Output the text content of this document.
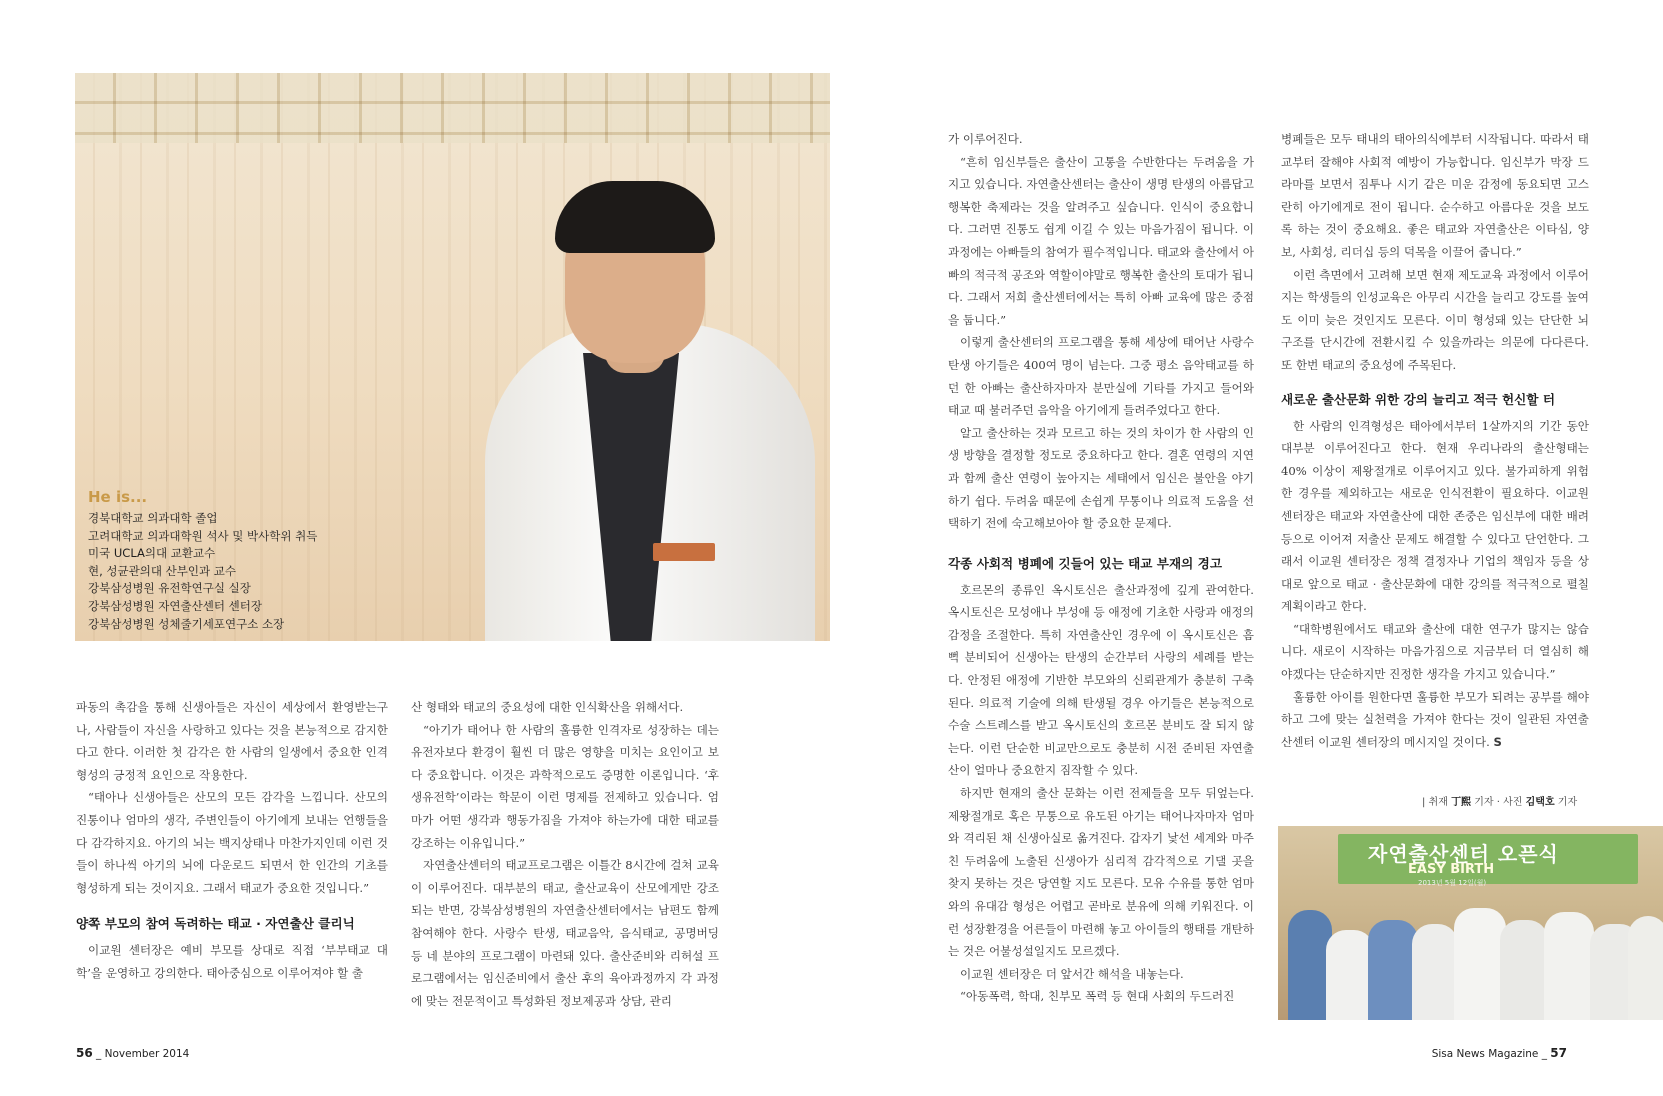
He is...
경북대학교 의과대학 졸업
고려대학교 의과대학원 석사 및 박사학위 취득
미국 UCLA의대 교환교수
현, 성균관의대 산부인과 교수
강북삼성병원 유전학연구실 실장
강북삼성병원 자연출산센터 센터장
강북삼성병원 성체줄기세포연구소 소장

파동의 촉감을 통해 신생아들은 자신이 세상에서 환영받는구나, 사람들이 자신을 사랑하고 있다는 것을 본능적으로 감지한다고 한다. 이러한 첫 감각은 한 사람의 일생에서 중요한 인격형성의 긍정적 요인으로 작용한다.

“태아나 신생아들은 산모의 모든 감각을 느낍니다. 산모의 진통이나 엄마의 생각, 주변인들이 아기에게 보내는 언행들을 다 감각하지요. 아기의 뇌는 백지상태나 마찬가지인데 이런 것들이 하나씩 아기의 뇌에 다운로드 되면서 한 인간의 기초를 형성하게 되는 것이지요. 그래서 태교가 중요한 것입니다.”

양쪽 부모의 참여 독려하는 태교 · 자연출산 클리닉

이교원 센터장은 예비 부모를 상대로 직접 ‘부부태교 대학’을 운영하고 강의한다. 태아중심으로 이루어져야 할 출

산 형태와 태교의 중요성에 대한 인식확산을 위해서다.

“아기가 태어나 한 사람의 훌륭한 인격자로 성장하는 데는 유전자보다 환경이 훨씬 더 많은 영향을 미치는 요인이고 보다 중요합니다. 이것은 과학적으로도 증명한 이론입니다. ‘후생유전학’이라는 학문이 이런 명제를 전제하고 있습니다. 엄마가 어떤 생각과 행동가짐을 가져야 하는가에 대한 태교를 강조하는 이유입니다.”

자연출산센터의 태교프로그램은 이틀간 8시간에 걸쳐 교육이 이루어진다. 대부분의 태교, 출산교육이 산모에게만 강조되는 반면, 강북삼성병원의 자연출산센터에서는 남편도 함께 참여해야 한다. 사랑수 탄생, 태교음악, 음식태교, 공명버딩 등 네 분야의 프로그램이 마련돼 있다. 출산준비와 리허설 프로그램에서는 임신준비에서 출산 후의 육아과정까지 각 과정에 맞는 전문적이고 특성화된 정보제공과 상담, 관리

56 _ November 2014

가 이루어진다.

“흔히 임신부들은 출산이 고통을 수반한다는 두려움을 가지고 있습니다. 자연출산센터는 출산이 생명 탄생의 아름답고 행복한 축제라는 것을 알려주고 싶습니다. 인식이 중요합니다. 그러면 진통도 쉽게 이길 수 있는 마음가짐이 됩니다. 이 과정에는 아빠들의 참여가 필수적입니다. 태교와 출산에서 아빠의 적극적 공조와 역할이야말로 행복한 출산의 토대가 됩니다. 그래서 저희 출산센터에서는 특히 아빠 교육에 많은 중점을 둡니다.”

이렇게 출산센터의 프로그램을 통해 세상에 태어난 사랑수 탄생 아기들은 400여 명이 넘는다. 그중 평소 음악태교를 하던 한 아빠는 출산하자마자 분만실에 기타를 가지고 들어와 태교 때 불러주던 음악을 아기에게 들려주었다고 한다.

알고 출산하는 것과 모르고 하는 것의 차이가 한 사람의 인생 방향을 결정할 정도로 중요하다고 한다. 결혼 연령의 지연과 함께 출산 연령이 높아지는 세태에서 임신은 불안을 야기하기 쉽다. 두려움 때문에 손쉽게 무통이나 의료적 도움을 선택하기 전에 숙고해보아야 할 중요한 문제다.

각종 사회적 병폐에 깃들어 있는 태교 부재의 경고

호르몬의 종류인 옥시토신은 출산과정에 깊게 관여한다. 옥시토신은 모성애나 부성애 등 애정에 기초한 사랑과 애정의 감정을 조절한다. 특히 자연출산인 경우에 이 옥시토신은 흠뻑 분비되어 신생아는 탄생의 순간부터 사랑의 세례를 받는다. 안정된 애정에 기반한 부모와의 신뢰관계가 충분히 구축된다. 의료적 기술에 의해 탄생될 경우 아기들은 본능적으로 수술 스트레스를 받고 옥시토신의 호르몬 분비도 잘 되지 않는다. 이런 단순한 비교만으로도 충분히 시전 준비된 자연출산이 얼마나 중요한지 짐작할 수 있다.

하지만 현재의 출산 문화는 이런 전제들을 모두 뒤엎는다. 제왕절개로 혹은 무통으로 유도된 아기는 태어나자마자 엄마와 격리된 채 신생아실로 옮겨진다. 갑자기 낯선 세계와 마주친 두려움에 노출된 신생아가 심리적 감각적으로 기댈 곳을 찾지 못하는 것은 당연할 지도 모른다. 모유 수유를 통한 엄마와의 유대감 형성은 어렵고 곧바로 분유에 의해 키워진다. 이런 성장환경을 어른들이 마련해 놓고 아이들의 행태를 개탄하는 것은 어불성설일지도 모르겠다.

이교원 센터장은 더 앞서간 해석을 내놓는다.

“아동폭력, 학대, 친부모 폭력 등 현대 사회의 두드러진

병폐들은 모두 태내의 태아의식에부터 시작됩니다. 따라서 태교부터 잘해야 사회적 예방이 가능합니다. 임신부가 막장 드라마를 보면서 짐투나 시기 같은 미운 감정에 동요되면 고스란히 아기에게로 전이 됩니다. 순수하고 아름다운 것을 보도록 하는 것이 중요해요. 좋은 태교와 자연출산은 이타심, 양보, 사회성, 리더십 등의 덕목을 이끌어 줍니다.”

이런 측면에서 고려해 보면 현재 제도교육 과정에서 이루어지는 학생들의 인성교육은 아무리 시간을 늘리고 강도를 높여도 이미 늦은 것인지도 모른다. 이미 형성돼 있는 단단한 뇌 구조를 단시간에 전환시킬 수 있을까라는 의문에 다다른다. 또 한번 태교의 중요성에 주목된다.

새로운 출산문화 위한 강의 늘리고 적극 헌신할 터

한 사람의 인격형성은 태아에서부터 1살까지의 기간 동안 대부분 이루어진다고 한다. 현재 우리나라의 출산형태는 40% 이상이 제왕절개로 이루어지고 있다. 불가피하게 위험한 경우를 제외하고는 새로운 인식전환이 필요하다. 이교원 센터장은 태교와 자연출산에 대한 존중은 임신부에 대한 배려 등으로 이어져 저출산 문제도 해결할 수 있다고 단언한다. 그래서 이교원 센터장은 정책 결정자나 기업의 책임자 등을 상대로 앞으로 태교 · 출산문화에 대한 강의를 적극적으로 펼칠 계획이라고 한다.

“대학병원에서도 태교와 출산에 대한 연구가 많지는 않습니다. 새로이 시작하는 마음가짐으로 지금부터 더 열심히 해야겠다는 단순하지만 진정한 생각을 가지고 있습니다.”

훌륭한 아이를 원한다면 훌륭한 부모가 되려는 공부를 해야 하고 그에 맞는 실천력을 가져야 한다는 것이 일관된 자연출산센터 이교원 센터장의 메시지일 것이다. S

| 취재 丁熙 기자 · 사진 김택호 기자
자연출산센터 오픈식
EASY BIRTH
2013년 5월 12일(월)
Sisa News Magazine _ 57
